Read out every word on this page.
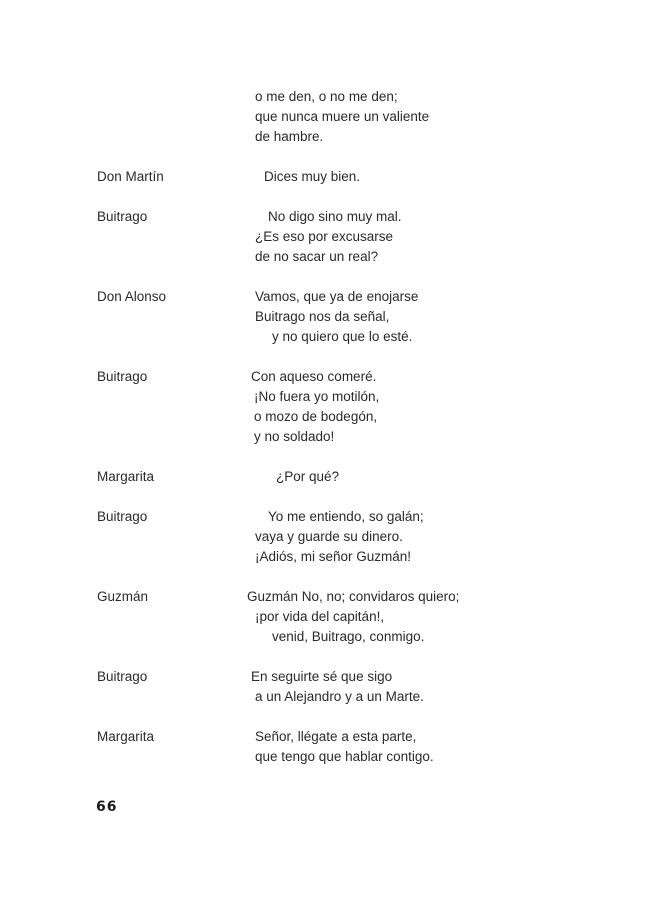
o me den, o no me den;
que nunca muere un valiente
de hambre.
Don Martín	Dices muy bien.
Buitrago	No digo sino muy mal.
¿Es eso por excusarse
de no sacar un real?
Don Alonso	Vamos, que ya de enojarse
Buitrago nos da señal,
y no quiero que lo esté.
Buitrago	Con aqueso comeré.
¡No fuera yo motilón,
o mozo de bodegón,
y no soldado!
Margarita	¿Por qué?
Buitrago	Yo me entiendo, so galán;
vaya y guarde su dinero.
¡Adiós, mi señor Guzmán!
Guzmán	Guzmán No, no; convidaros quiero;
¡por vida del capitán!,
venid, Buitrago, conmigo.
Buitrago	En seguirte sé que sigo
a un Alejandro y a un Marte.
Margarita	Señor, llégate a esta parte,
que tengo que hablar contigo.
66
